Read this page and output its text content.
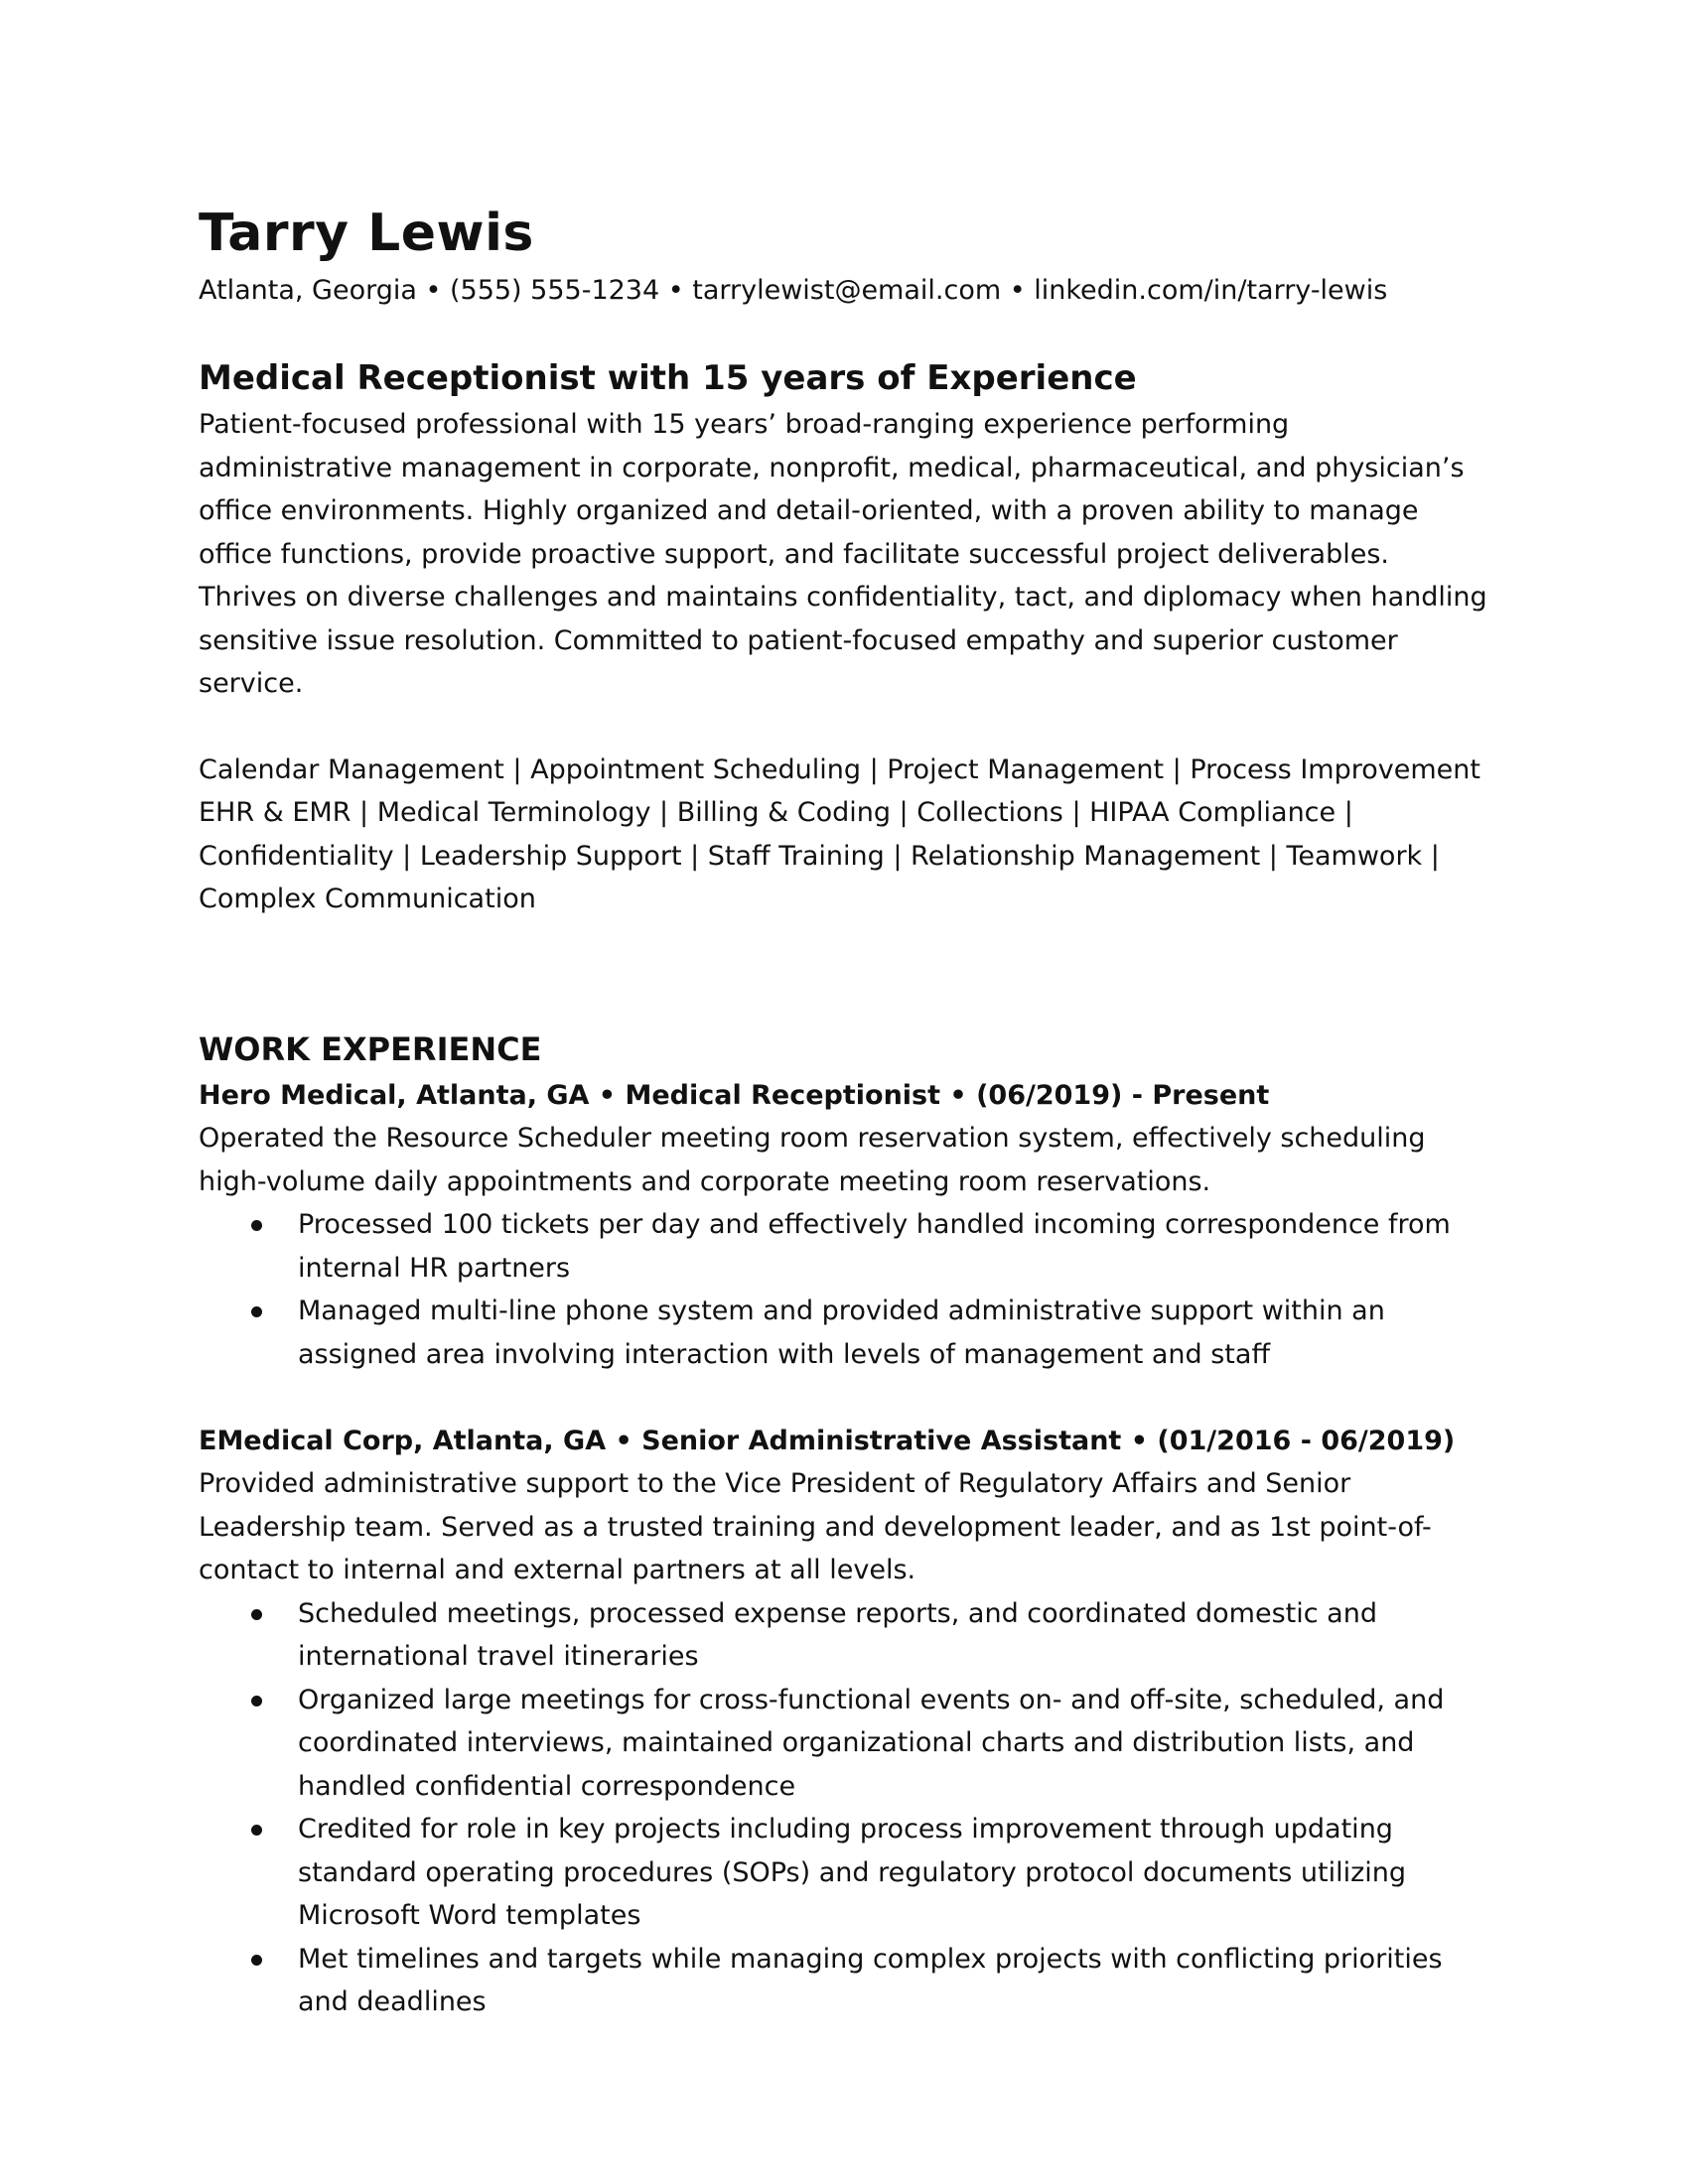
Tarry Lewis

Atlanta, Georgia • (555) 555-1234 • tarrylewist@email.com • linkedin.com/in/tarry-lewis

Medical Receptionist with 15 years of Experience

Patient-focused professional with 15 years’ broad-ranging experience performing administrative management in corporate, nonprofit, medical, pharmaceutical, and physician’s office environments. Highly organized and detail-oriented, with a proven ability to manage office functions, provide proactive support, and facilitate successful project deliverables. Thrives on diverse challenges and maintains confidentiality, tact, and diplomacy when handling sensitive issue resolution. Committed to patient-focused empathy and superior customer service.

Calendar Management | Appointment Scheduling | Project Management | Process Improvement EHR & EMR | Medical Terminology | Billing & Coding | Collections | HIPAA Compliance | Confidentiality | Leadership Support | Staff Training | Relationship Management | Teamwork | Complex Communication

WORK EXPERIENCE

Hero Medical, Atlanta, GA • Medical Receptionist • (06/2019) - Present

Operated the Resource Scheduler meeting room reservation system, effectively scheduling high-volume daily appointments and corporate meeting room reservations.

Processed 100 tickets per day and effectively handled incoming correspondence from internal HR partners
Managed multi-line phone system and provided administrative support within an assigned area involving interaction with levels of management and staff

EMedical Corp, Atlanta, GA • Senior Administrative Assistant • (01/2016 - 06/2019)

Provided administrative support to the Vice President of Regulatory Affairs and Senior Leadership team. Served as a trusted training and development leader, and as 1st point-of-contact to internal and external partners at all levels.

Scheduled meetings, processed expense reports, and coordinated domestic and international travel itineraries
Organized large meetings for cross-functional events on- and off-site, scheduled, and coordinated interviews, maintained organizational charts and distribution lists, and handled confidential correspondence
Credited for role in key projects including process improvement through updating standard operating procedures (SOPs) and regulatory protocol documents utilizing Microsoft Word templates
Met timelines and targets while managing complex projects with conflicting priorities and deadlines
